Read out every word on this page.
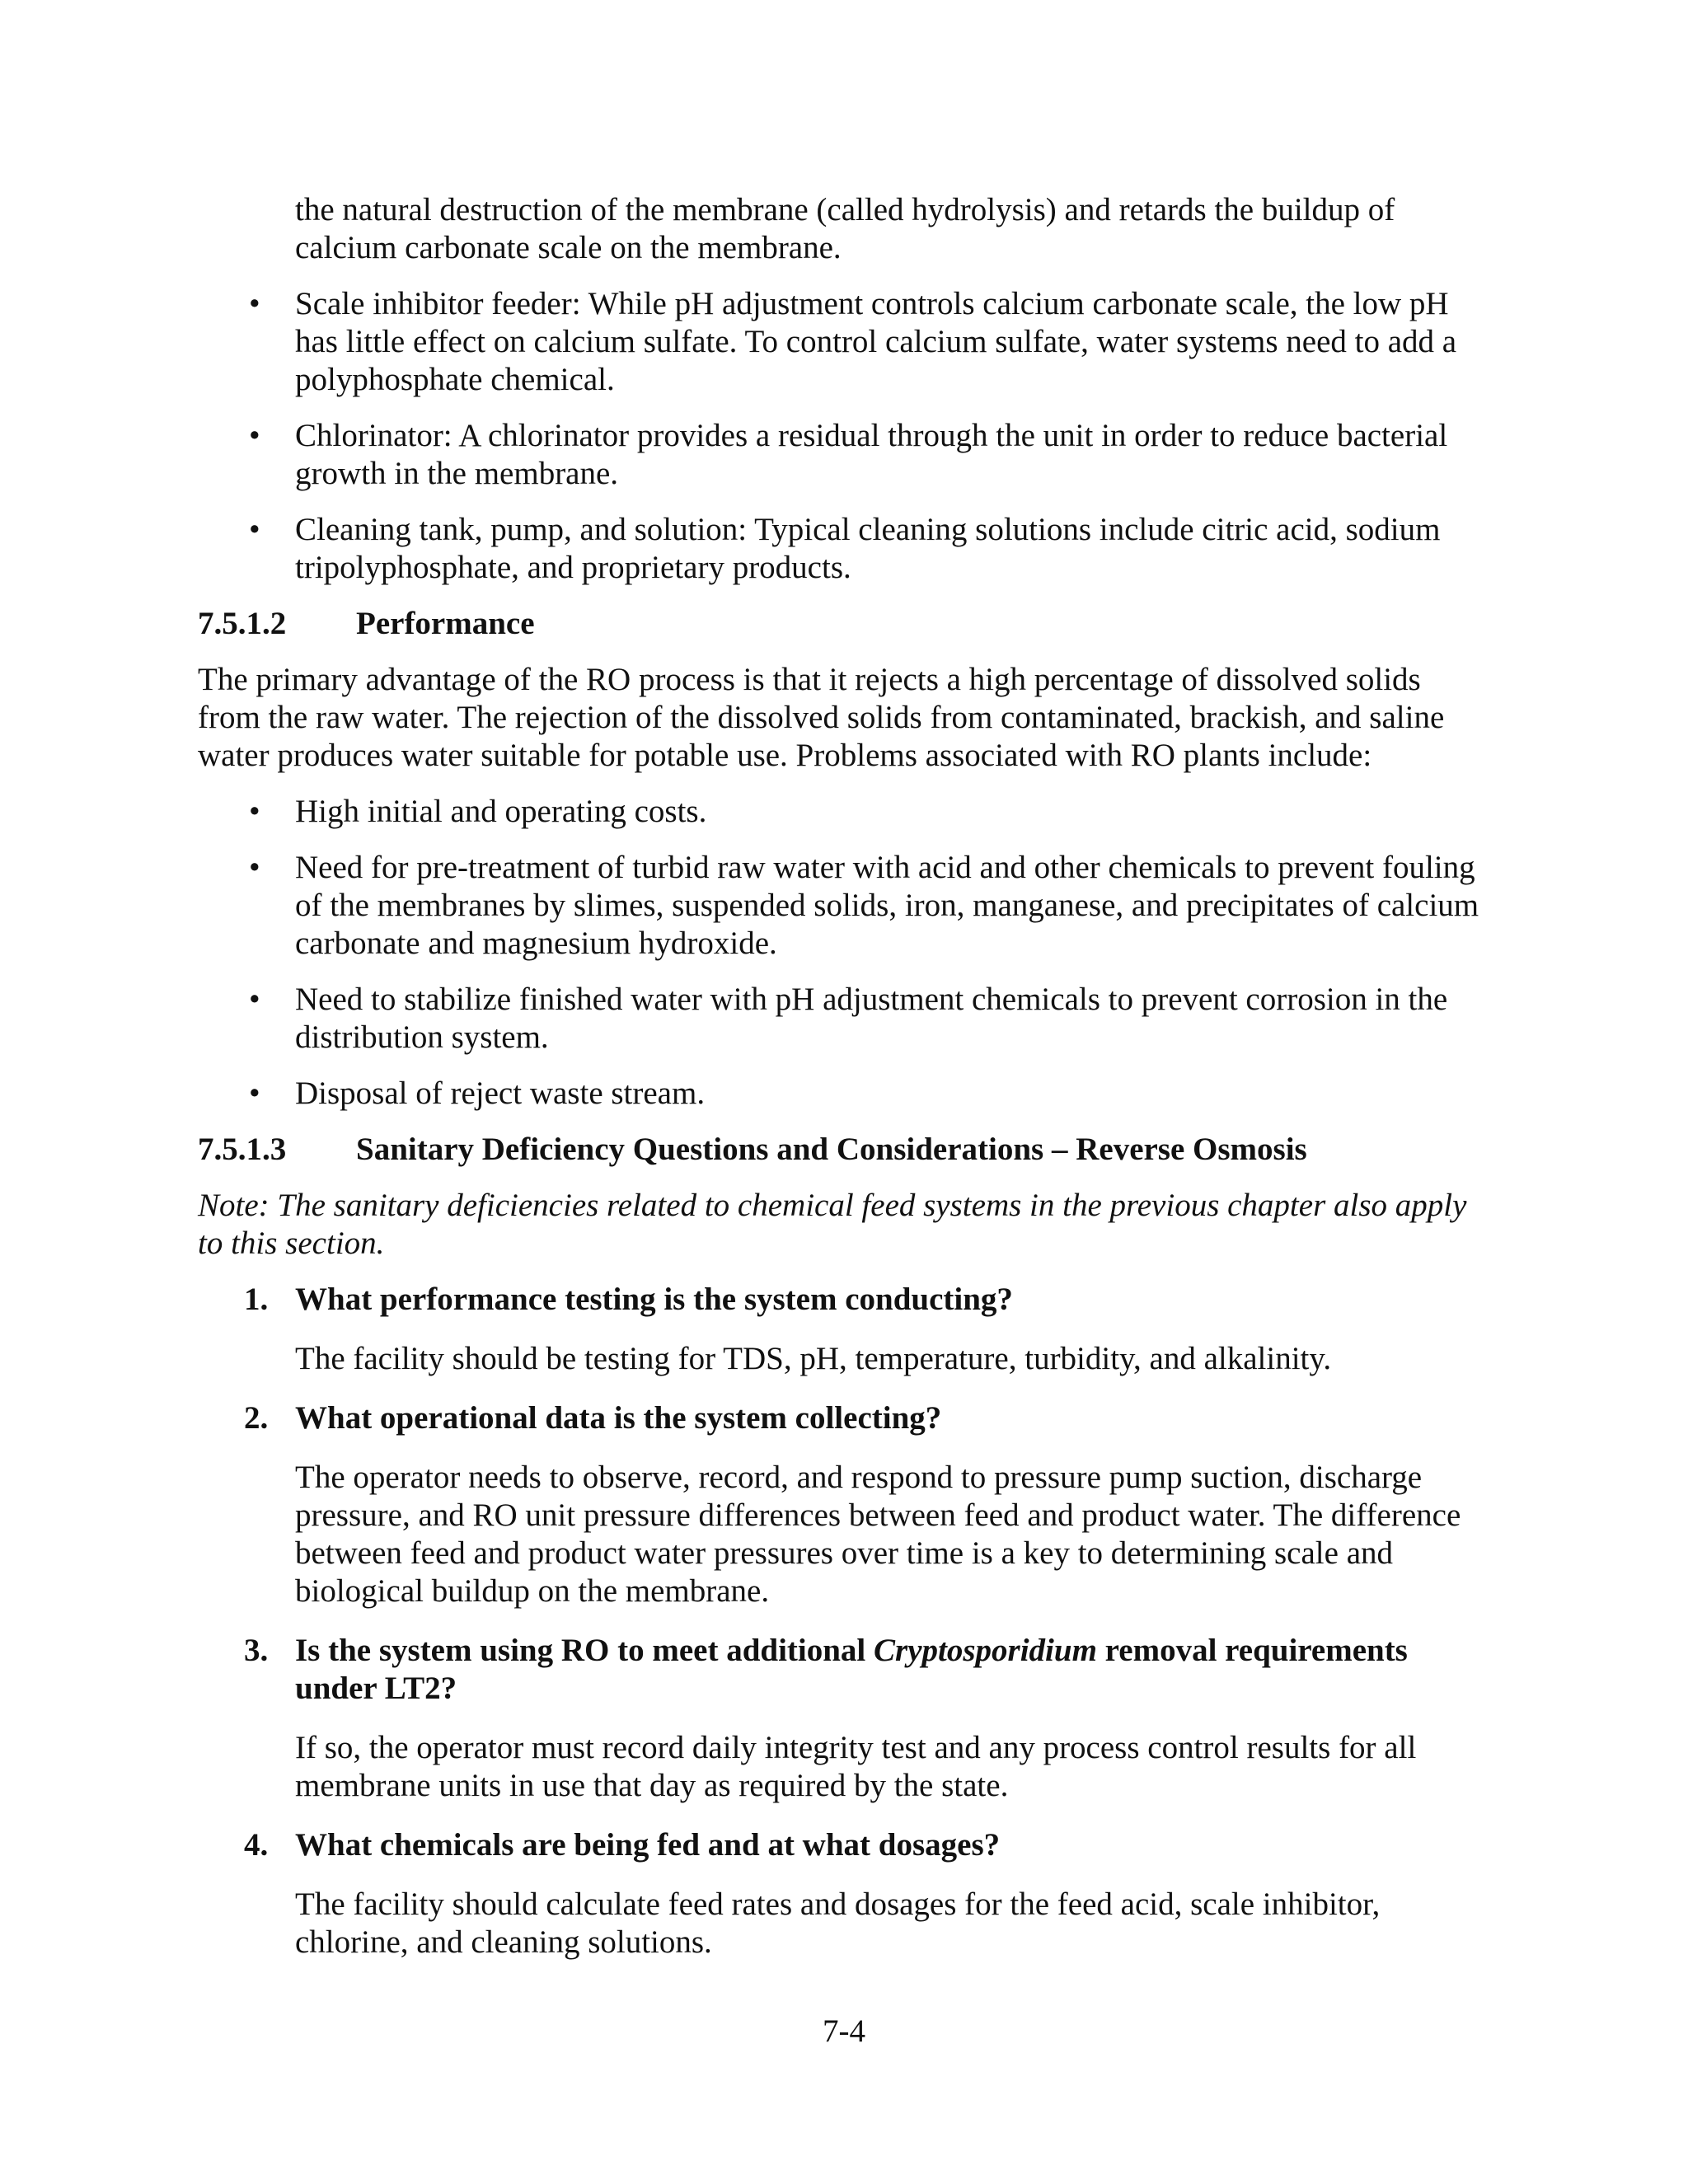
the natural destruction of the membrane (called hydrolysis) and retards the buildup of calcium carbonate scale on the membrane.

• Scale inhibitor feeder: While pH adjustment controls calcium carbonate scale, the low pH has little effect on calcium sulfate. To control calcium sulfate, water systems need to add a polyphosphate chemical.
• Chlorinator: A chlorinator provides a residual through the unit in order to reduce bacterial growth in the membrane.
• Cleaning tank, pump, and solution: Typical cleaning solutions include citric acid, sodium tripolyphosphate, and proprietary products.
7.5.1.2	Performance

The primary advantage of the RO process is that it rejects a high percentage of dissolved solids from the raw water. The rejection of the dissolved solids from contaminated, brackish, and saline water produces water suitable for potable use. Problems associated with RO plants include:

• High initial and operating costs.
• Need for pre-treatment of turbid raw water with acid and other chemicals to prevent fouling of the membranes by slimes, suspended solids, iron, manganese, and precipitates of calcium carbonate and magnesium hydroxide.
• Need to stabilize finished water with pH adjustment chemicals to prevent corrosion in the distribution system.
• Disposal of reject waste stream.
7.5.1.3	Sanitary Deficiency Questions and Considerations – Reverse Osmosis

Note: The sanitary deficiencies related to chemical feed systems in the previous chapter also apply to this section.

1. What performance testing is the system conducting?

The facility should be testing for TDS, pH, temperature, turbidity, and alkalinity.

2. What operational data is the system collecting?

The operator needs to observe, record, and respond to pressure pump suction, discharge pressure, and RO unit pressure differences between feed and product water. The difference between feed and product water pressures over time is a key to determining scale and biological buildup on the membrane.

3. Is the system using RO to meet additional Cryptosporidium removal requirements under LT2?

If so, the operator must record daily integrity test and any process control results for all membrane units in use that day as required by the state.

4. What chemicals are being fed and at what dosages?

The facility should calculate feed rates and dosages for the feed acid, scale inhibitor, chlorine, and cleaning solutions.

7-4
